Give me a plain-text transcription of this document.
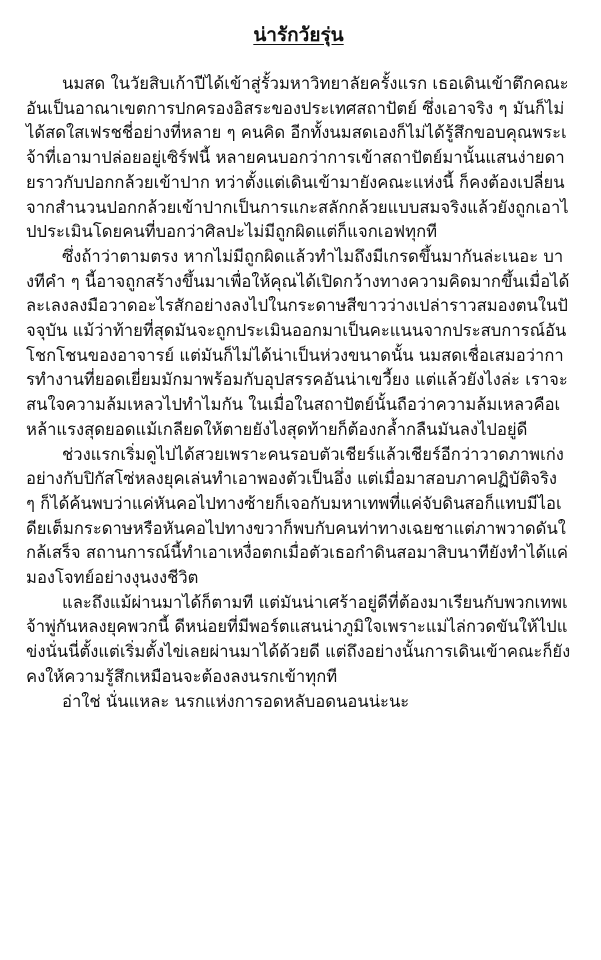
น่ารักวัยรุ่น

นมสด ในวัยสิบเก้าปีได้เข้าสู่รั้วมหาวิทยาลัยครั้งแรก เธอเดินเข้าตึกคณะอันเป็นอาณาเขตการปกครองอิสระของประเทศสถาปัตย์ ซึ่งเอาจริง ๆ มันก็ไม่ได้สดใสเฟรชชี่อย่างที่หลาย ๆ คนคิด อีกทั้งนมสดเองก็ไม่ได้รู้สึกขอบคุณพระเจ้าที่เอามาปล่อยอยู่เซิร์ฟนี้ หลายคนบอกว่าการเข้าสถาปัตย์มานั้นแสนง่ายดายราวกับปอกกล้วยเข้าปาก ทว่าตั้งแต่เดินเข้ามายังคณะแห่งนี้ ก็คงต้องเปลี่ยนจากสำนวนปอกกล้วยเข้าปากเป็นการแกะสลักกล้วยแบบสมจริงแล้วยังถูกเอาไปประเมินโดยคนที่บอกว่าศิลปะไม่มีถูกผิดแต่ก็แจกเอฟทุกที

ซึ่งถ้าว่าตามตรง หากไม่มีถูกผิดแล้วทำไมถึงมีเกรดขึ้นมากันล่ะเนอะ บางทีคำ ๆ นี้อาจถูกสร้างขึ้นมาเพื่อให้คุณได้เปิดกว้างทางความคิดมากขึ้นเมื่อได้ละเลงลงมือวาดอะไรสักอย่างลงไปในกระดาษสีขาวว่างเปล่าราวสมองตนในปัจจุบัน แม้ว่าท้ายที่สุดมันจะถูกประเมินออกมาเป็นคะแนนจากประสบการณ์อันโชกโชนของอาจารย์ แต่มันก็ไม่ได้น่าเป็นห่วงขนาดนั้น นมสดเชื่อเสมอว่าการทำงานที่ยอดเยี่ยมมักมาพร้อมกับอุปสรรคอันน่าเขวี้ยง แต่แล้วยังไงล่ะ เราจะสนใจความล้มเหลวไปทำไมกัน ในเมื่อในสถาปัตย์นั้นถือว่าความล้มเหลวคือเหล้าแรงสุดยอดแม้เกลียดให้ตายยังไงสุดท้ายก็ต้องกล้ำกลืนมันลงไปอยู่ดี

ช่วงแรกเริ่มดูไปได้สวยเพราะคนรอบตัวเชียร์แล้วเชียร์อีกว่าวาดภาพเก่งอย่างกับปิกัสโซ่หลงยุคเล่นทำเอาพองตัวเป็นอึ่ง แต่เมื่อมาสอบภาคปฏิบัติจริง ๆ ก็ได้ค้นพบว่าแค่หันคอไปทางซ้ายก็เจอกับมหาเทพที่แค่จับดินสอก็แทบมีไอเดียเต็มกระดาษหรือหันคอไปทางขวาก็พบกับคนท่าทางเฉยชาแต่ภาพวาดดันใกล้เสร็จ สถานการณ์นี้ทำเอาเหงื่อตกเมื่อตัวเธอกำดินสอมาสิบนาทียังทำได้แค่มองโจทย์อย่างงุนงงชีวิต

และถึงแม้ผ่านมาได้ก็ตามที แต่มันน่าเศร้าอยู่ดีที่ต้องมาเรียนกับพวกเทพเจ้าพู่กันหลงยุคพวกนี้ ดีหน่อยที่มีพอร์ตแสนน่าภูมิใจเพราะแม่ไล่กวดขันให้ไปแข่งนั่นนี่ตั้งแต่เริ่มตั้งไข่เลยผ่านมาได้ด้วยดี แต่ถึงอย่างนั้นการเดินเข้าคณะก็ยังคงให้ความรู้สึกเหมือนจะต้องลงนรกเข้าทุกที

อ่าใช่ นั่นแหละ นรกแห่งการอดหลับอดนอนน่ะนะ
